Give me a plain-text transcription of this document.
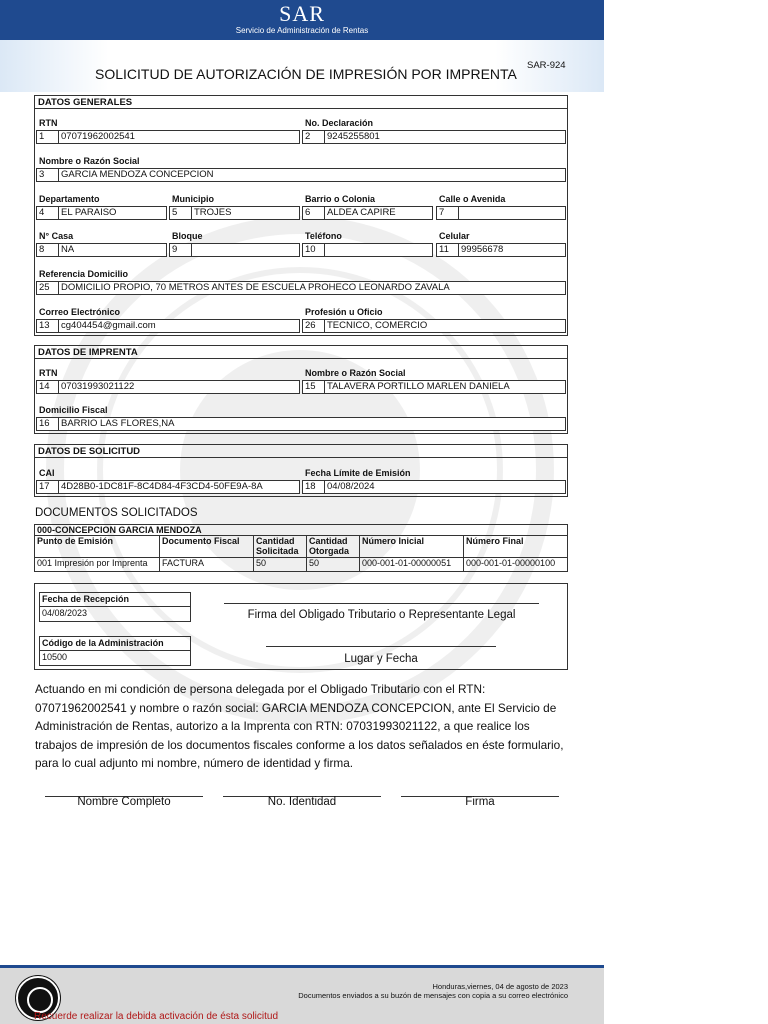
SAR
Servicio de Administración de Rentas
SOLICITUD DE AUTORIZACIÓN DE IMPRESIÓN POR IMPRENTA
SAR-924
DATOS GENERALES
RTN
1	07071962002541
No. Declaración
2	9245255801
Nombre o Razón Social
3	GARCIA MENDOZA CONCEPCION
Departamento
4	EL PARAISO
Municipio
5	TROJES
Barrio o Colonia
6	ALDEA CAPIRE
Calle o Avenida
7
N° Casa
8	NA
Bloque
9
Teléfono
10
Celular
11	99956678
Referencia Domicilio
25	DOMICILIO PROPIO, 70 METROS ANTES DE ESCUELA PROHECO LEONARDO ZAVALA
Correo Electrónico
13	cg404454@gmail.com
Profesión u Oficio
26	TECNICO, COMERCIO
DATOS DE IMPRENTA
RTN
14	07031993021122
Nombre o Razón Social
15	TALAVERA PORTILLO MARLEN DANIELA
Domicilio Fiscal
16	BARRIO LAS FLORES,NA
DATOS DE SOLICITUD
CAI
17	4D28B0-1DC81F-8C4D84-4F3CD4-50FE9A-8A
Fecha Límite de Emisión
18	04/08/2024
DOCUMENTOS SOLICITADOS
000-CONCEPCION GARCIA MENDOZA					
Punto de Emisión	Documento Fiscal	Cantidad Solicitada	Cantidad Otorgada	Número Inicial	Número Final
001 Impresión por Imprenta	FACTURA	50	50	000-001-01-00000051	000-001-01-00000100
Fecha de Recepción
04/08/2023
Código de la Administración
10500
Firma del Obligado Tributario o Representante Legal
Lugar y Fecha
Actuando en mi condición de persona delegada por el Obligado Tributario con el RTN: 07071962002541 y nombre o razón social: GARCIA MENDOZA CONCEPCION, ante El Servicio de Administración de Rentas, autorizo a la Imprenta con RTN: 07031993021122, a que realice los trabajos de impresión de los documentos fiscales conforme a los datos señalados en éste formulario, para lo cual adjunto mi nombre, número de identidad y firma.
Nombre Completo	No. Identidad	Firma
Honduras,viernes, 04 de agosto de 2023
Documentos enviados a su buzón de mensajes con copia a su correo electrónico
Recuerde realizar la debida activación de ésta solicitud
